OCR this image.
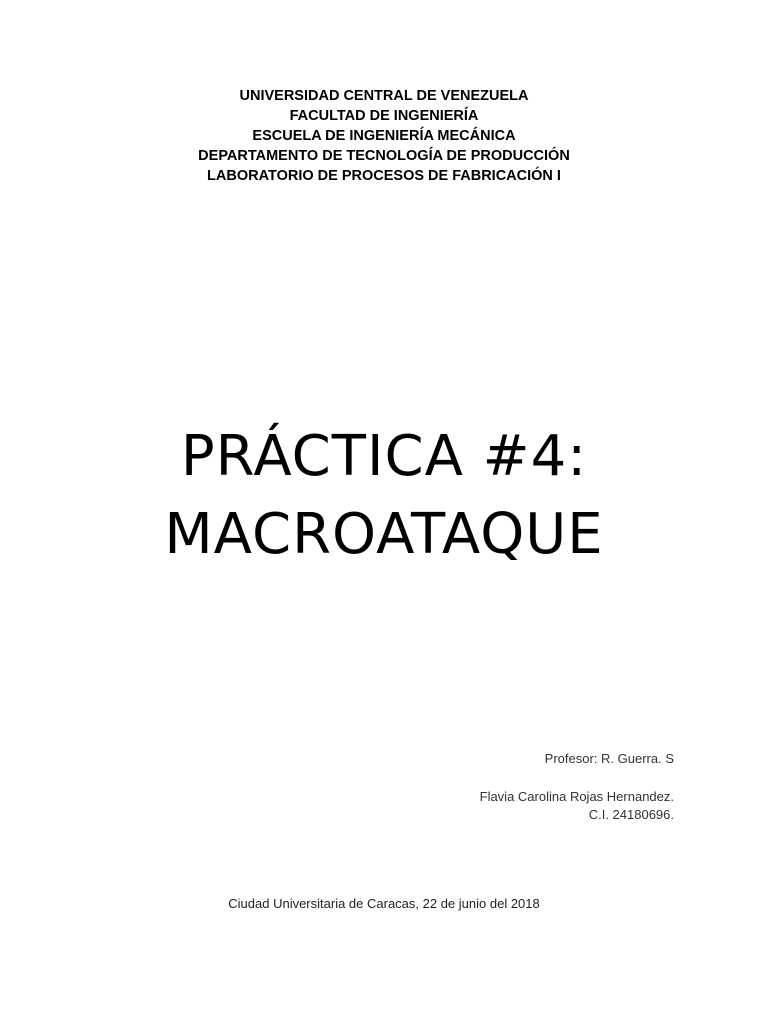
UNIVERSIDAD CENTRAL DE VENEZUELA
FACULTAD DE INGENIERÍA
ESCUELA DE INGENIERÍA MECÁNICA
DEPARTAMENTO DE TECNOLOGÍA DE PRODUCCIÓN
LABORATORIO DE PROCESOS DE FABRICACIÓN I
PRÁCTICA #4:
MACROATAQUE
Profesor: R. Guerra. S
Flavia Carolina Rojas Hernandez.
C.I. 24180696.
Ciudad Universitaria de Caracas, 22 de junio del 2018
